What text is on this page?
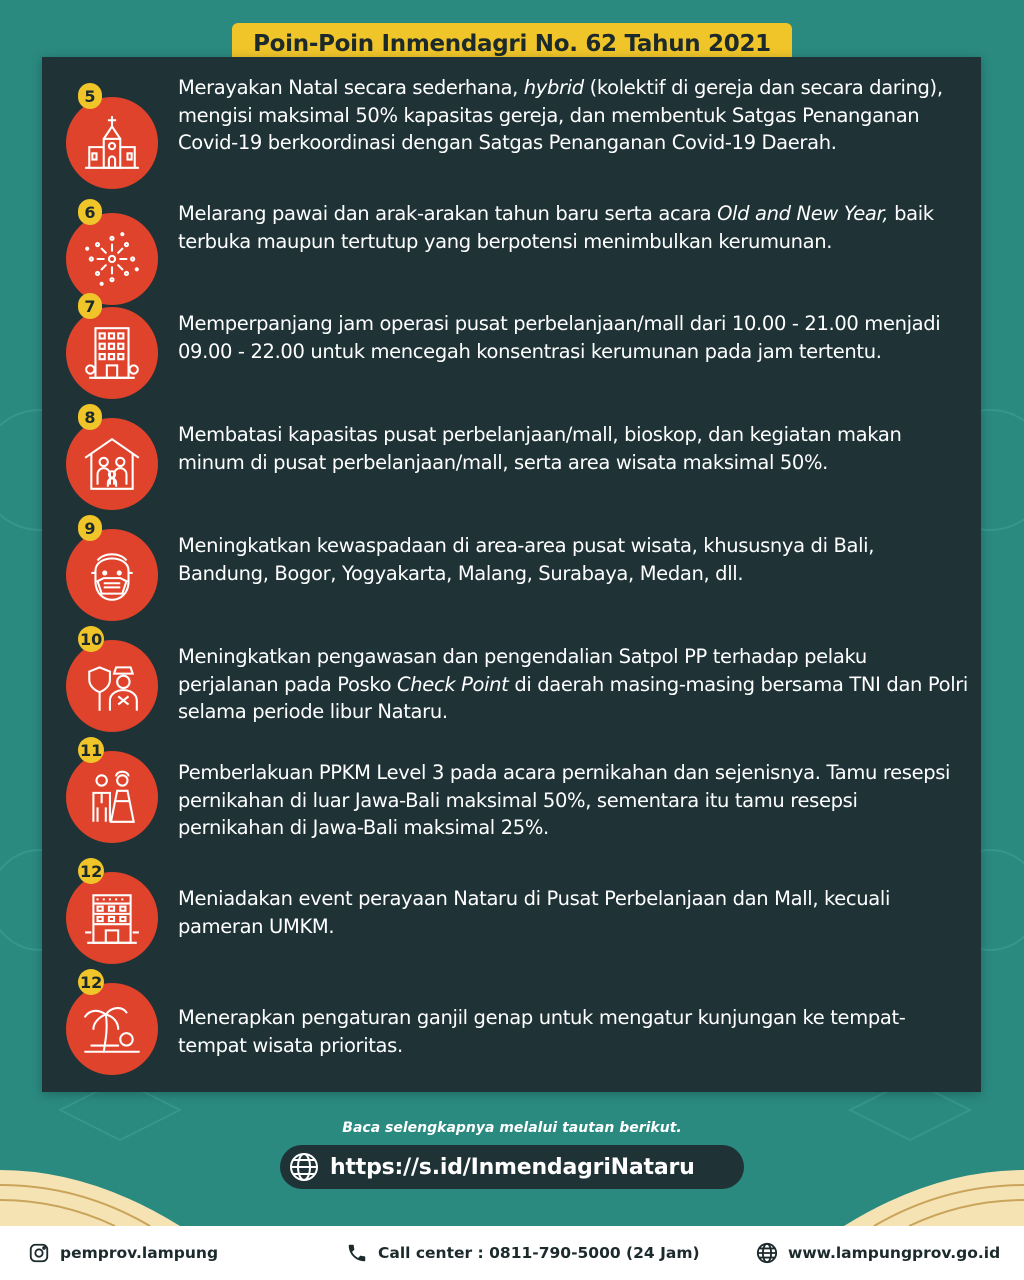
Poin-Poin Inmendagri No. 62 Tahun 2021
5	Merayakan Natal secara sederhana, hybrid (kolektif di gereja dan secara daring), mengisi maksimal 50% kapasitas gereja, dan membentuk Satgas Penanganan Covid-19 berkoordinasi dengan Satgas Penanganan Covid-19 Daerah.
6	Melarang pawai dan arak-arakan tahun baru serta acara Old and New Year, baik terbuka maupun tertutup yang berpotensi menimbulkan kerumunan.
7
Memperpanjang jam operasi pusat perbelanjaan/mall dari 10.00 - 21.00 menjadi 09.00 - 22.00 untuk mencegah konsentrasi kerumunan pada jam tertentu.
8
Membatasi kapasitas pusat perbelanjaan/mall, bioskop, dan kegiatan makan minum di pusat perbelanjaan/mall, serta area wisata maksimal 50%.
9
Meningkatkan kewaspadaan di area-area pusat wisata, khususnya di Bali, Bandung, Bogor, Yogyakarta, Malang, Surabaya, Medan, dll.
10
Meningkatkan pengawasan dan pengendalian Satpol PP terhadap pelaku perjalanan pada Posko Check Point di daerah masing-masing bersama TNI dan Polri selama periode libur Nataru.
11
Pemberlakuan PPKM Level 3 pada acara pernikahan dan sejenisnya. Tamu resepsi pernikahan di luar Jawa-Bali maksimal 50%, sementara itu tamu resepsi pernikahan di Jawa-Bali maksimal 25%.
12
Meniadakan event perayaan Nataru di Pusat Perbelanjaan dan Mall, kecuali pameran UMKM.
12
Menerapkan pengaturan ganjil genap untuk mengatur kunjungan ke tempat-tempat wisata prioritas.
Baca selengkapnya melalui tautan berikut.
https://s.id/InmendagriNataru
pemprov.lampung	Call center : 0811-790-5000 (24 Jam)	www.lampungprov.go.id
